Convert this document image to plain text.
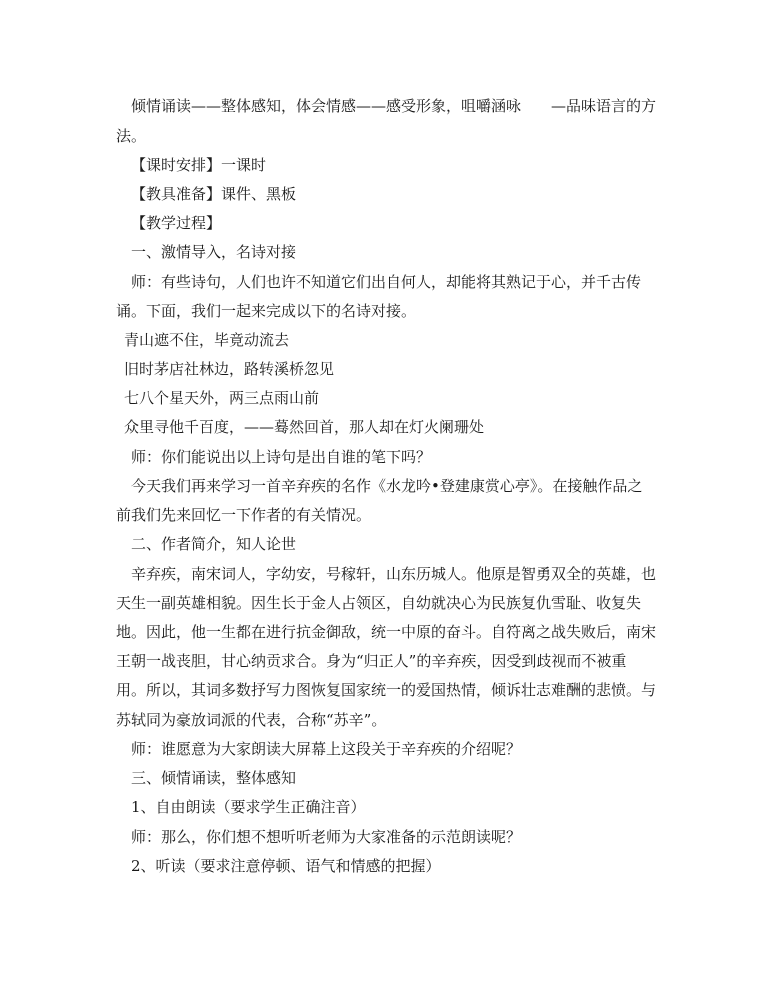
倾情诵读——整体感知，体会情感——感受形象，咀嚼涵咏　　—品味语言的方
法。
【课时安排】一课时
【教具准备】课件、黑板
【教学过程】
一、激情导入，名诗对接
师：有些诗句，人们也许不知道它们出自何人，却能将其熟记于心，并千古传
诵。下面，我们一起来完成以下的名诗对接。
青山遮不住，毕竟动流去
旧时茅店社林边，路转溪桥忽见
七八个星天外，两三点雨山前
众里寻他千百度，——蓦然回首，那人却在灯火阑珊处
师：你们能说出以上诗句是出自谁的笔下吗？
今天我们再来学习一首辛弃疾的名作《水龙吟•登建康赏心亭》。在接触作品之
前我们先来回忆一下作者的有关情况。
二、作者简介，知人论世
辛弃疾，南宋词人，字幼安，号稼轩，山东历城人。他原是智勇双全的英雄，也
天生一副英雄相貌。因生长于金人占领区，自幼就决心为民族复仇雪耻、收复失
地。因此，他一生都在进行抗金御敌，统一中原的奋斗。自符离之战失败后，南宋
王朝一战丧胆，甘心纳贡求合。身为“归正人”的辛弃疾，因受到歧视而不被重
用。所以，其词多数抒写力图恢复国家统一的爱国热情，倾诉壮志难酬的悲愤。与
苏轼同为豪放词派的代表，合称“苏辛”。
师：谁愿意为大家朗读大屏幕上这段关于辛弃疾的介绍呢？
三、倾情诵读，整体感知
1、自由朗读（要求学生正确注音）
师：那么，你们想不想听听老师为大家准备的示范朗读呢？
2、听读（要求注意停顿、语气和情感的把握）
